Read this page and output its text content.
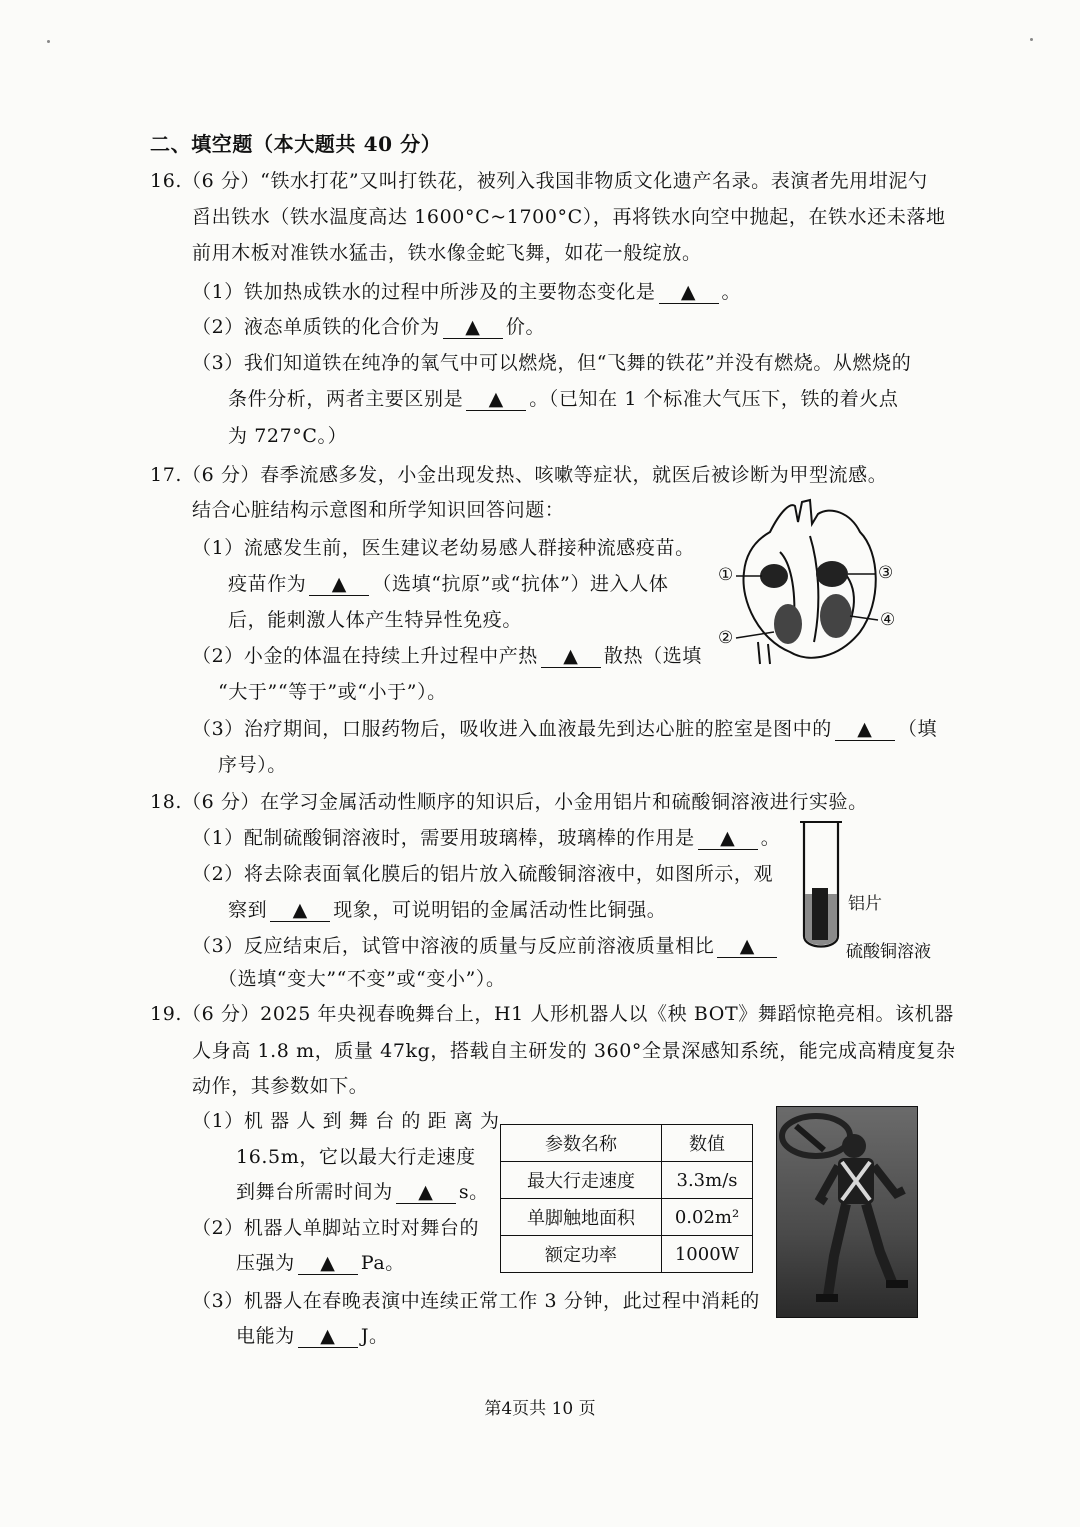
二、填空题（本大题共 40 分）
16.（6 分）“铁水打花”又叫打铁花，被列入我国非物质文化遗产名录。表演者先用坩泥勺
舀出铁水（铁水温度高达 1600°C~1700°C），再将铁水向空中抛起，在铁水还未落地
前用木板对准铁水猛击，铁水像金蛇飞舞，如花一般绽放。
（1）铁加热成铁水的过程中所涉及的主要物态变化是 ▲ 。
（2）液态单质铁的化合价为 ▲ 价。
（3）我们知道铁在纯净的氧气中可以燃烧，但“飞舞的铁花”并没有燃烧。从燃烧的
条件分析，两者主要区别是 ▲ 。（已知在 1 个标准大气压下，铁的着火点
为 727°C。）
17.（6 分）春季流感多发，小金出现发热、咳嗽等症状，就医后被诊断为甲型流感。
结合心脏结构示意图和所学知识回答问题：
（1）流感发生前，医生建议老幼易感人群接种流感疫苗。
疫苗作为 ▲ （选填“抗原”或“抗体”）进入人体
后，能刺激人体产生特异性免疫。
（2）小金的体温在持续上升过程中产热 ▲ 散热（选填
“大于”“等于”或“小于”）。
（3）治疗期间，口服药物后，吸收进入血液最先到达心脏的腔室是图中的 ▲ （填
序号）。
①
②
③
④
18.（6 分）在学习金属活动性顺序的知识后，小金用铝片和硫酸铜溶液进行实验。
（1）配制硫酸铜溶液时，需要用玻璃棒，玻璃棒的作用是 ▲ 。
（2）将去除表面氧化膜后的铝片放入硫酸铜溶液中，如图所示，观
察到 ▲ 现象，可说明铝的金属活动性比铜强。
（3）反应结束后，试管中溶液的质量与反应前溶液质量相比 ▲
（选填“变大”“不变”或“变小”）。
铝片
硫酸铜溶液
19.（6 分）2025 年央视春晚舞台上，H1 人形机器人以《秧 BOT》舞蹈惊艳亮相。该机器
人身高 1.8 m，质量 47kg，搭载自主研发的 360°全景深感知系统，能完成高精度复杂
动作，其参数如下。
（1）机 器 人 到 舞 台 的 距 离 为
16.5m，它以最大行走速度
到舞台所需时间为 ▲ s。
（2）机器人单脚站立时对舞台的
压强为 ▲ Pa。
（3）机器人在春晚表演中连续正常工作 3 分钟，此过程中消耗的
电能为 ▲ J。
参数名称	数值
最大行走速度	3.3m/s
单脚触地面积	0.02m²
额定功率	1000W
第4页共 10 页
